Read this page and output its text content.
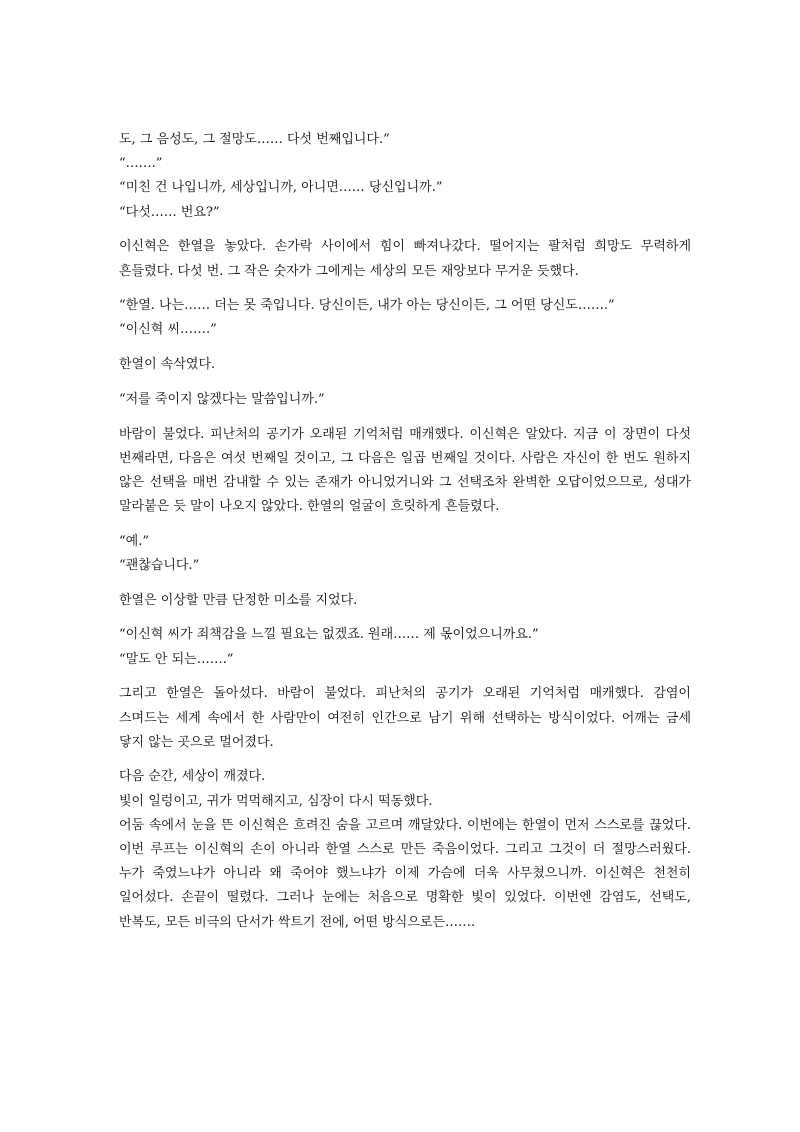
도, 그 음성도, 그 절망도…… 다섯 번째입니다.”
“…….”
“미친 건 나입니까, 세상입니까, 아니면…… 당신입니까.”
“다섯…… 번요?”

이신혁은 한열을 놓았다. 손가락 사이에서 힘이 빠져나갔다. 떨어지는 팔처럼 희망도 무력하게 흔들렸다. 다섯 번. 그 작은 숫자가 그에게는 세상의 모든 재앙보다 무거운 듯했다.

“한열. 나는…… 더는 못 죽입니다. 당신이든, 내가 아는 당신이든, 그 어떤 당신도…….”
“이신혁 씨…….”
한열이 속삭였다.
“저를 죽이지 않겠다는 말씀입니까.”

바람이 불었다. 피난처의 공기가 오래된 기억처럼 매캐했다. 이신혁은 알았다. 지금 이 장면이 다섯 번째라면, 다음은 여섯 번째일 것이고, 그 다음은 일곱 번째일 것이다. 사람은 자신이 한 번도 원하지 않은 선택을 매번 감내할 수 있는 존재가 아니었거니와 그 선택조차 완벽한 오답이었으므로, 성대가 말라붙은 듯 말이 나오지 않았다. 한열의 얼굴이 흐릿하게 흔들렸다.

“예.”
“괜찮습니다.”
한열은 이상할 만큼 단정한 미소를 지었다.
“이신혁 씨가 죄책감을 느낄 필요는 없겠죠. 원래…… 제 몫이었으니까요.”
“말도 안 되는…….”

그리고 한열은 돌아섰다. 바람이 불었다. 피난처의 공기가 오래된 기억처럼 매캐했다. 감염이 스며드는 세계 속에서 한 사람만이 여전히 인간으로 남기 위해 선택하는 방식이었다. 어깨는 금세 닿지 않는 곳으로 멀어졌다.

다음 순간, 세상이 깨졌다.
빛이 일렁이고, 귀가 먹먹해지고, 심장이 다시 떡동했다.

어둠 속에서 눈을 뜬 이신혁은 흐려진 숨을 고르며 깨달았다. 이번에는 한열이 먼저 스스로를 끊었다. 이번 루프는 이신혁의 손이 아니라 한열 스스로 만든 죽음이었다. 그리고 그것이 더 절망스러웠다. 누가 죽였느냐가 아니라 왜 죽어야 했느냐가 이제 가슴에 더욱 사무쳤으니까. 이신혁은 천천히 일어섰다. 손끝이 떨렸다. 그러나 눈에는 처음으로 명확한 빛이 있었다. 이번엔 감염도, 선택도, 반복도, 모든 비극의 단서가 싹트기 전에, 어떤 방식으로든…….
